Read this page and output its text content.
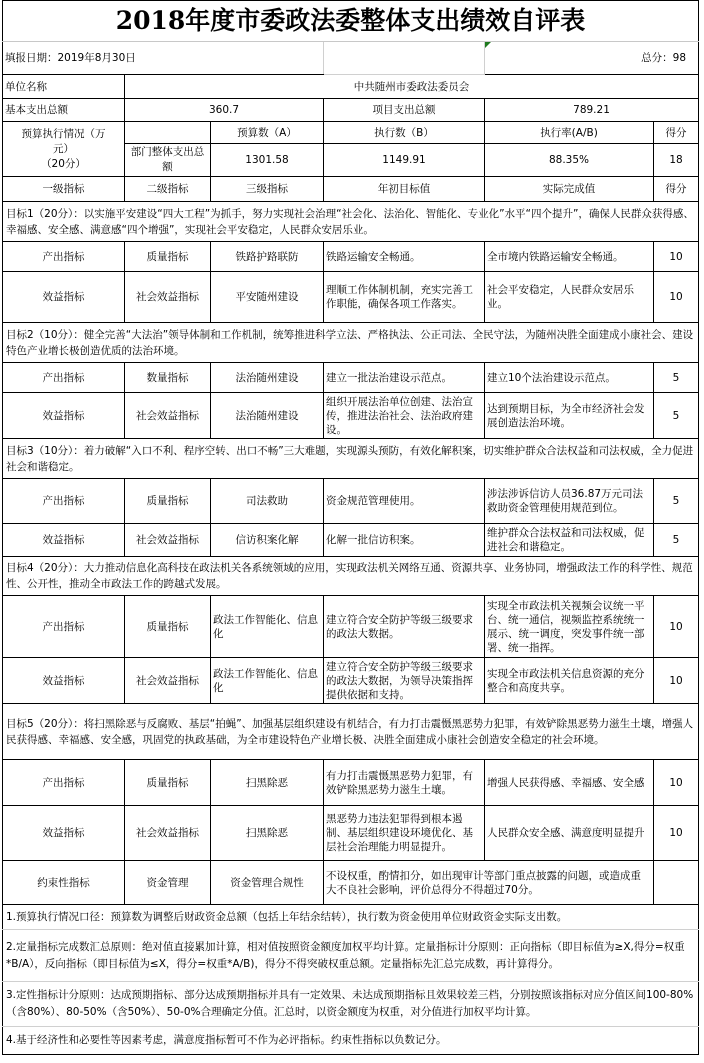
2018年度市委政法委整体支出绩效自评表					
填报日期：2019年8月30日				总分：98	
单位名称	中共随州市委政法委员会				
基本支出总额	360.7		项目支出总额	789.21	

预算执行情况（万
元）
（20分）		预算数（A）	执行数（B）	执行率(A/B)	得分
	部门整体支出总额	1301.58	1149.91	88.35%	18
一级指标	二级指标	三级指标	年初目标值	实际完成值	得分
目标1（20分）：以实施平安建设“四大工程”为抓手，努力实现社会治理“社会化、法治化、智能化、专业化”水平“四个提升”，确保人民群众获得感、幸福感、安全感、满意感“四个增强”，实现社会平安稳定，人民群众安居乐业。					
产出指标	质量指标	铁路护路联防	铁路运输安全畅通。	全市境内铁路运输安全畅通。	10
效益指标	社会效益指标	平安随州建设	理顺工作体制机制，充实完善工作职能，确保各项工作落实。	社会平安稳定，人民群众安居乐业。	10
目标2（10分）：健全完善“大法治”领导体制和工作机制，统筹推进科学立法、严格执法、公正司法、全民守法，为随州决胜全面建成小康社会、建设特色产业增长极创造优质的法治环境。					
产出指标	数量指标	法治随州建设	建立一批法治建设示范点。	建立10个法治建设示范点。	5
效益指标	社会效益指标	法治随州建设	组织开展法治单位创建、法治宣传，推进法治社会、法治政府建设。	达到预期目标，为全市经济社会发展创造法治环境。	5
目标3（10分）：着力破解“入口不利、程序空转、出口不畅”三大难题，实现源头预防，有效化解积案，切实维护群众合法权益和司法权威，全力促进社会和谐稳定。					
产出指标	质量指标	司法救助	资金规范管理使用。	涉法涉诉信访人员36.87万元司法救助资金管理使用规范到位。	5
效益指标	社会效益指标	信访积案化解	化解一批信访积案。	维护群众合法权益和司法权威，促进社会和谐稳定。	5
目标4（20分）：大力推动信息化高科技在政法机关各系统领域的应用，实现政法机关网络互通、资源共享、业务协同，增强政法工作的科学性、规范性、公开性，推动全市政法工作的跨越式发展。					
产出指标	质量指标	政法工作智能化、信息化	建立符合安全防护等级三级要求的政法大数据。	实现全市政法机关视频会议统一平台、统一通信，视频监控系统统一展示、统一调度，突发事件统一部署、统一指挥。	10
效益指标	社会效益指标	政法工作智能化、信息化	建立符合安全防护等级三级要求的政法大数据，为领导决策指挥提供依据和支持。	实现全市政法机关信息资源的充分整合和高度共享。	10
目标5（20分）：将扫黑除恶与反腐败、基层“拍蝇”、加强基层组织建设有机结合，有力打击震慑黑恶势力犯罪，有效铲除黑恶势力滋生土壤，增强人民获得感、幸福感、安全感，巩固党的执政基础，为全市建设特色产业增长极、决胜全面建成小康社会创造安全稳定的社会环境。					
产出指标	质量指标	扫黑除恶	有力打击震慑黑恶势力犯罪，有效铲除黑恶势力滋生土壤。	增强人民获得感、幸福感、安全感	10
效益指标	社会效益指标	扫黑除恶	黑恶势力违法犯罪得到根本遏制、基层组织建设环境优化、基层社会治理能力明显提升。	人民群众安全感、满意度明显提升	10
约束性指标	资金管理	资金管理合规性	不设权重，酌情扣分，如出现审计等部门重点披露的问题，或造成重大不良社会影响，评价总得分不得超过70分。		
1.预算执行情况口径：预算数为调整后财政资金总额（包括上年结余结转），执行数为资金使用单位财政资金实际支出数。					
2.定量指标完成数汇总原则：绝对值直接累加计算，相对值按照资金额度加权平均计算。定量指标计分原则：正向指标（即目标值为≥X,得分=权重*B/A），反向指标（即目标值为≤X，得分=权重*A/B)，得分不得突破权重总额。定量指标先汇总完成数，再计算得分。					
3.定性指标计分原则：达成预期指标、部分达成预期指标并具有一定效果、未达成预期指标且效果较差三档，分别按照该指标对应分值区间100-80%（含80%）、80-50%（含50%）、50-0%合理确定分值。汇总时，以资金额度为权重，对分值进行加权平均计算。					
4.基于经济性和必要性等因素考虑，满意度指标暂可不作为必评指标。约束性指标以负数记分。					
